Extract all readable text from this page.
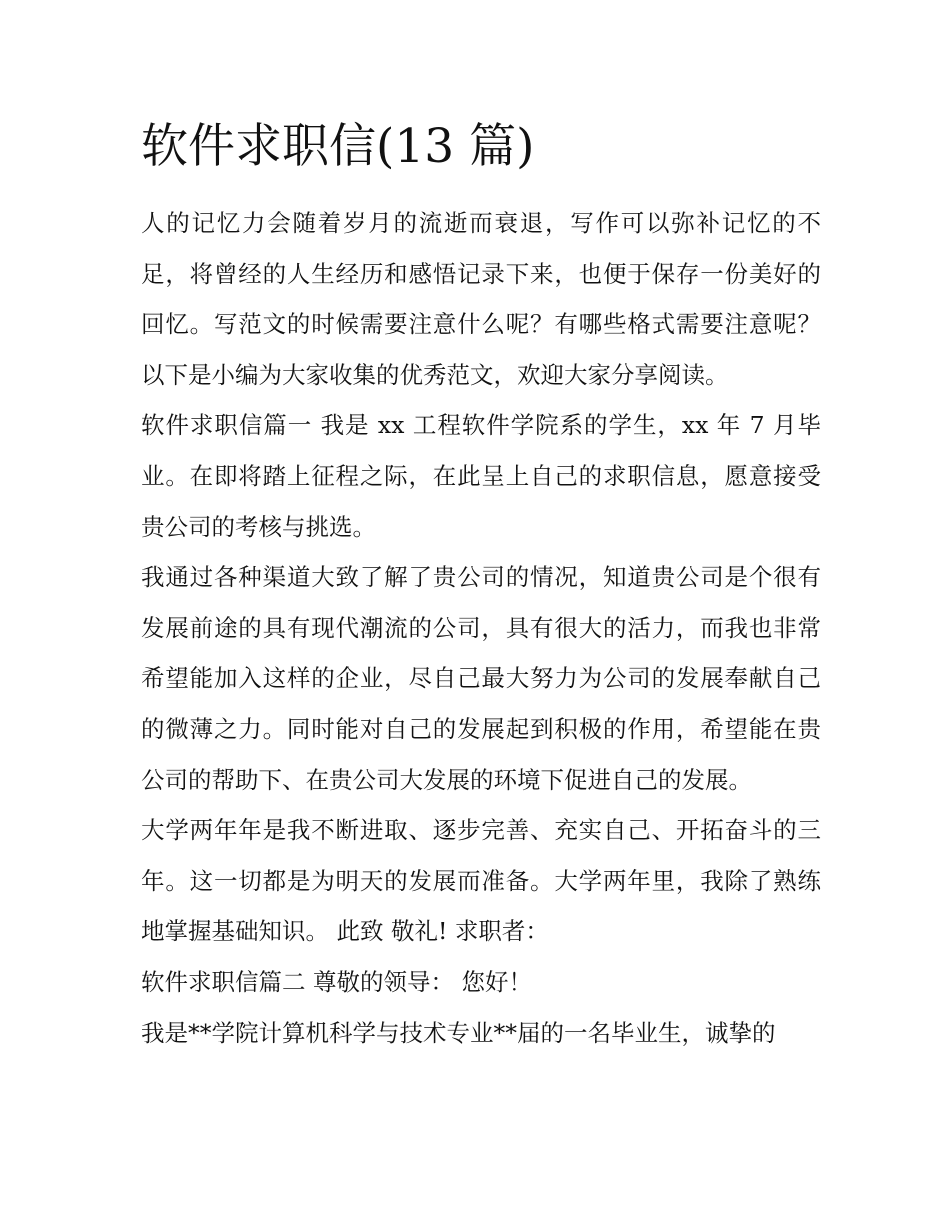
软件求职信(13 篇)

人的记忆力会随着岁月的流逝而衰退，写作可以弥补记忆的不足，将曾经的人生经历和感悟记录下来，也便于保存一份美好的回忆。写范文的时候需要注意什么呢？有哪些格式需要注意呢？以下是小编为大家收集的优秀范文，欢迎大家分享阅读。

软件求职信篇一 我是 xx 工程软件学院系的学生，xx 年 7 月毕业。在即将踏上征程之际，在此呈上自己的求职信息，愿意接受贵公司的考核与挑选。

我通过各种渠道大致了解了贵公司的情况，知道贵公司是个很有发展前途的具有现代潮流的公司，具有很大的活力，而我也非常希望能加入这样的企业，尽自己最大努力为公司的发展奉献自己的微薄之力。同时能对自己的发展起到积极的作用，希望能在贵公司的帮助下、在贵公司大发展的环境下促进自己的发展。

大学两年年是我不断进取、逐步完善、充实自己、开拓奋斗的三年。这一切都是为明天的发展而准备。大学两年里，我除了熟练地掌握基础知识。 此致 敬礼! 求职者：

软件求职信篇二 尊敬的领导： 您好！

我是**学院计算机科学与技术专业**届的一名毕业生，诚挚的
